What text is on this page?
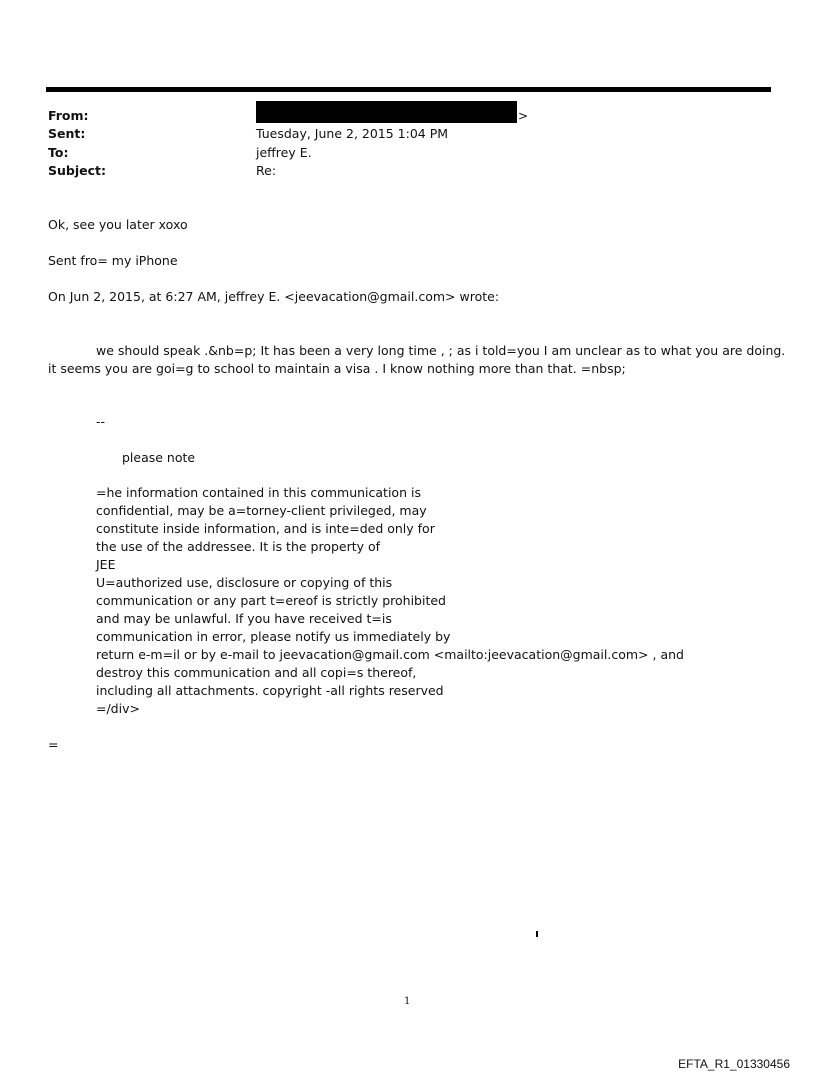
From:	>
Sent:	Tuesday, June 2, 2015 1:04 PM
To:	jeffrey E.
Subject:	Re:
Ok, see you later xoxo
Sent fro= my iPhone
On Jun 2, 2015, at 6:27 AM, jeffrey E. <jeevacation@gmail.com> wrote:
we should speak .&nb=p; It has been a very long time , ; as i told=you I am unclear as to what you are doing.
it seems you are goi=g to school to maintain a visa . I know nothing more than that. =nbsp;
--
please note
=he information contained in this communication is
confidential, may be a=torney-client privileged, may
constitute inside information, and is inte=ded only for
the use of the addressee. It is the property of
JEE
U=authorized use, disclosure or copying of this
communication or any part t=ereof is strictly prohibited
and may be unlawful. If you have received t=is
communication in error, please notify us immediately by
return e-m=il or by e-mail to jeevacation@gmail.com <mailto:jeevacation@gmail.com> , and
destroy this communication and all copi=s thereof,
including all attachments. copyright -all rights reserved
=/div>
=
1
EFTA_R1_01330456
